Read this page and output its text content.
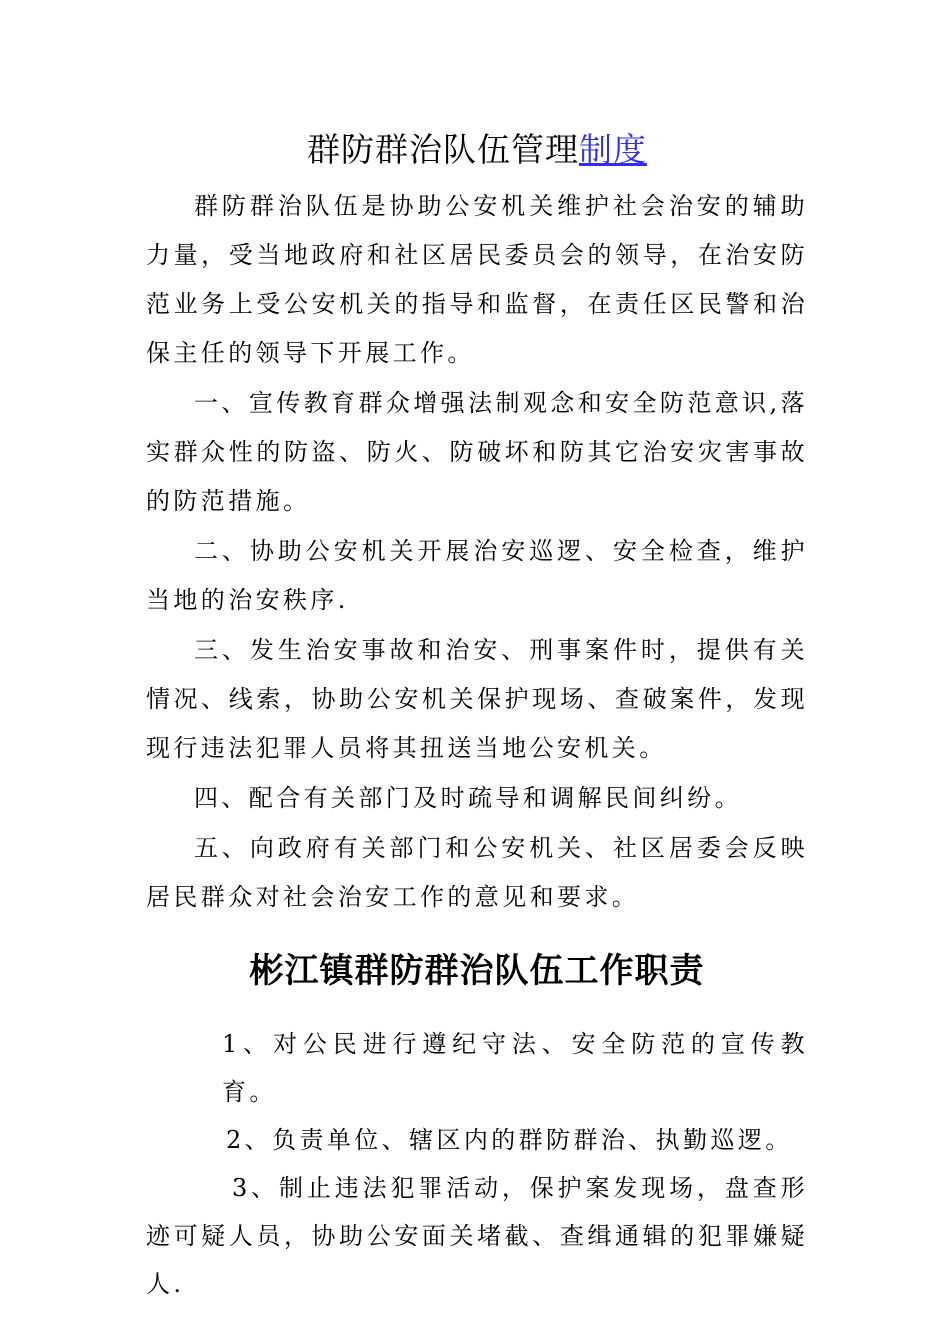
群防群治队伍管理制度

群防群治队伍是协助公安机关维护社会治安的辅助力量，受当地政府和社区居民委员会的领导，在治安防范业务上受公安机关的指导和监督，在责任区民警和治保主任的领导下开展工作。

一、宣传教育群众增强法制观念和安全防范意识,落实群众性的防盗、防火、防破坏和防其它治安灾害事故的防范措施。

二、协助公安机关开展治安巡逻、安全检查，维护当地的治安秩序.

三、发生治安事故和治安、刑事案件时，提供有关情况、线索，协助公安机关保护现场、查破案件，发现现行违法犯罪人员将其扭送当地公安机关。

四、配合有关部门及时疏导和调解民间纠纷。

五、向政府有关部门和公安机关、社区居委会反映居民群众对社会治安工作的意见和要求。

彬江镇群防群治队伍工作职责

1、对公民进行遵纪守法、安全防范的宣传教育。

2、负责单位、辖区内的群防群治、执勤巡逻。

3、制止违法犯罪活动，保护案发现场，盘查形迹可疑人员，协助公安面关堵截、查缉通辑的犯罪嫌疑人.
